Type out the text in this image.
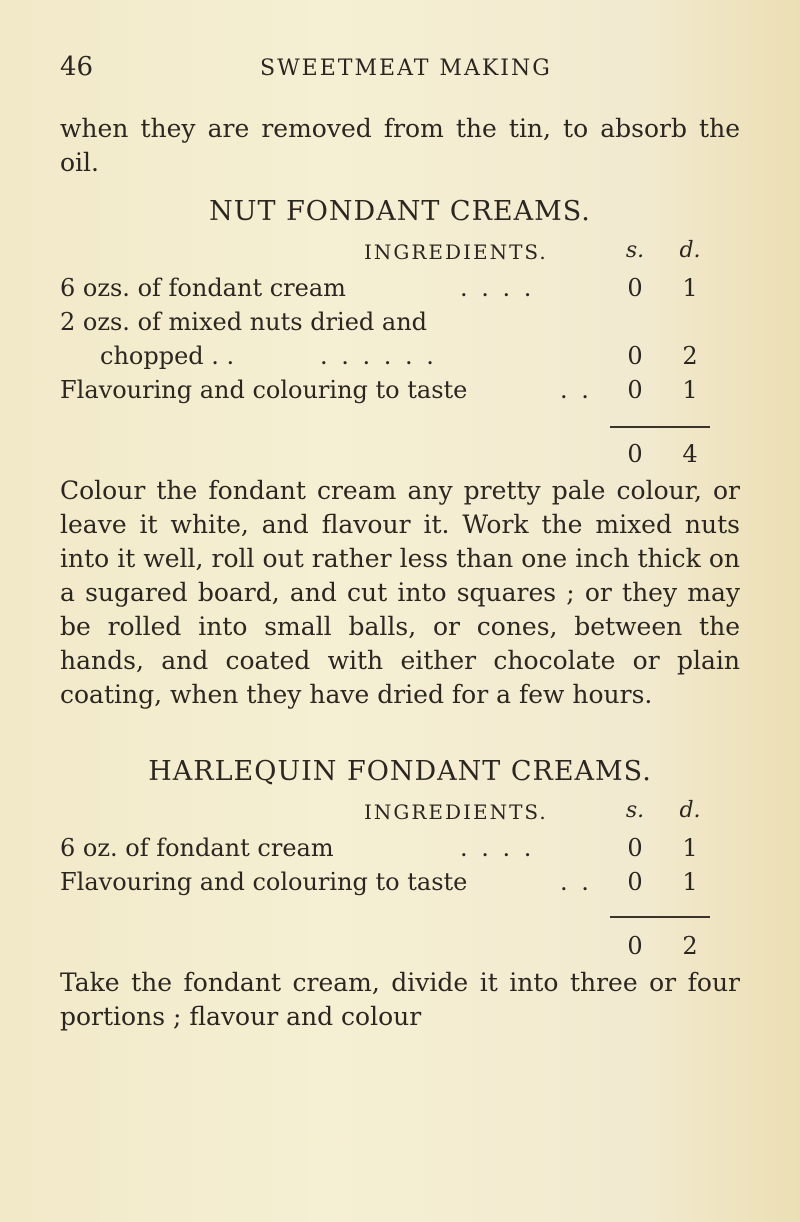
46	SWEETMEAT MAKING
when they are removed from the tin, to absorb the oil.
NUT FONDANT CREAMS.
INGREDIENTS.	s. d.
6 ozs. of fondant cream	. . . .	0	1
2 ozs. of mixed nuts dried and
chopped . .	. . . . . .	0	2
Flavouring and colouring to taste	. .	0	1
0	4
Colour the fondant cream any pretty pale colour, or leave it white, and flavour it. Work the mixed nuts into it well, roll out rather less than one inch thick on a sugared board, and cut into squares ; or they may be rolled into small balls, or cones, between the hands, and coated with either chocolate or plain coating, when they have dried for a few hours.
HARLEQUIN FONDANT CREAMS.
INGREDIENTS.	s. d.
6 oz. of fondant cream	. . . .	0	1
Flavouring and colouring to taste	. .	0	1
0	2
Take the fondant cream, divide it into three or four portions ; flavour and colour
